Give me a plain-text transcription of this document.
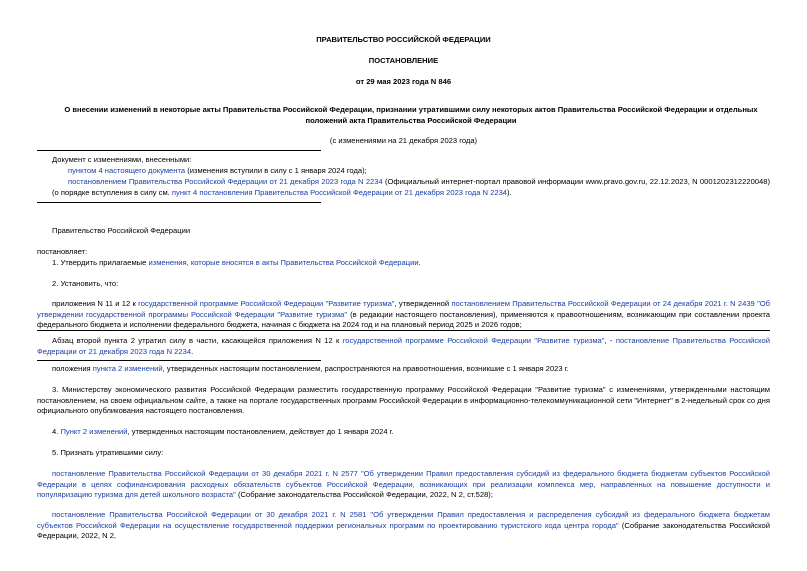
ПРАВИТЕЛЬСТВО РОССИЙСКОЙ ФЕДЕРАЦИИ
ПОСТАНОВЛЕНИЕ
от 29 мая 2023 года N 846
О внесении изменений в некоторые акты Правительства Российской Федерации, признании утратившими силу некоторых актов Правительства Российской Федерации и отдельных положений акта Правительства Российской Федерации
(с изменениями на 21 декабря 2023 года)
Документ с изменениями, внесенными:
пунктом 4 настоящего документа (изменения вступили в силу с 1 января 2024 года);
постановлением Правительства Российской Федерации от 21 декабря 2023 года N 2234 (Официальный интернет-портал правовой информации www.pravo.gov.ru, 22.12.2023, N 0001202312220048) (о порядке вступления в силу см. пункт 4 постановления Правительства Российской Федерации от 21 декабря 2023 года N 2234).
Правительство Российской Федерации
постановляет:
1. Утвердить прилагаемые изменения, которые вносятся в акты Правительства Российской Федерации.
2. Установить, что:
приложения N 11 и 12 к государственной программе Российской Федерации "Развитие туризма", утвержденной постановлением Правительства Российской Федерации от 24 декабря 2021 г. N 2439 "Об утверждении государственной программы Российской Федерации "Развитие туризма" (в редакции настоящего постановления), применяются к правоотношениям, возникающим при составлении проекта федерального бюджета и исполнении федерального бюджета, начиная с бюджета на 2024 год и на плановый период 2025 и 2026 годов;
Абзац второй пункта 2 утратил силу в части, касающейся приложения N 12 к государственной программе Российской Федерации "Развитие туризма", - постановление Правительства Российской Федерации от 21 декабря 2023 года N 2234.
положения пункта 2 изменений, утвержденных настоящим постановлением, распространяются на правоотношения, возникшие с 1 января 2023 г.
3. Министерству экономического развития Российской Федерации разместить государственную программу Российской Федерации "Развитие туризма" с изменениями, утвержденными настоящим постановлением, на своем официальном сайте, а также на портале государственных программ Российской Федерации в информационно-телекоммуникационной сети "Интернет" в 2-недельный срок со дня официального опубликования настоящего постановления.
4. Пункт 2 изменений, утвержденных настоящим постановлением, действует до 1 января 2024 г.
5. Признать утратившими силу:
постановление Правительства Российской Федерации от 30 декабря 2021 г. N 2577 "Об утверждении Правил предоставления субсидий из федерального бюджета бюджетам субъектов Российской Федерации в целях софинансирования расходных обязательств субъектов Российской Федерации, возникающих при реализации комплекса мер, направленных на повышение доступности и популяризацию туризма для детей школьного возраста" (Собрание законодательства Российской Федерации, 2022, N 2, ст.528);
постановление Правительства Российской Федерации от 30 декабря 2021 г. N 2581 "Об утверждении Правил предоставления и распределения субсидий из федерального бюджета бюджетам субъектов Российской Федерации на осуществление государственной поддержки региональных программ по проектированию туристского кода центра города" (Собрание законодательства Российской Федерации, 2022, N 2,
